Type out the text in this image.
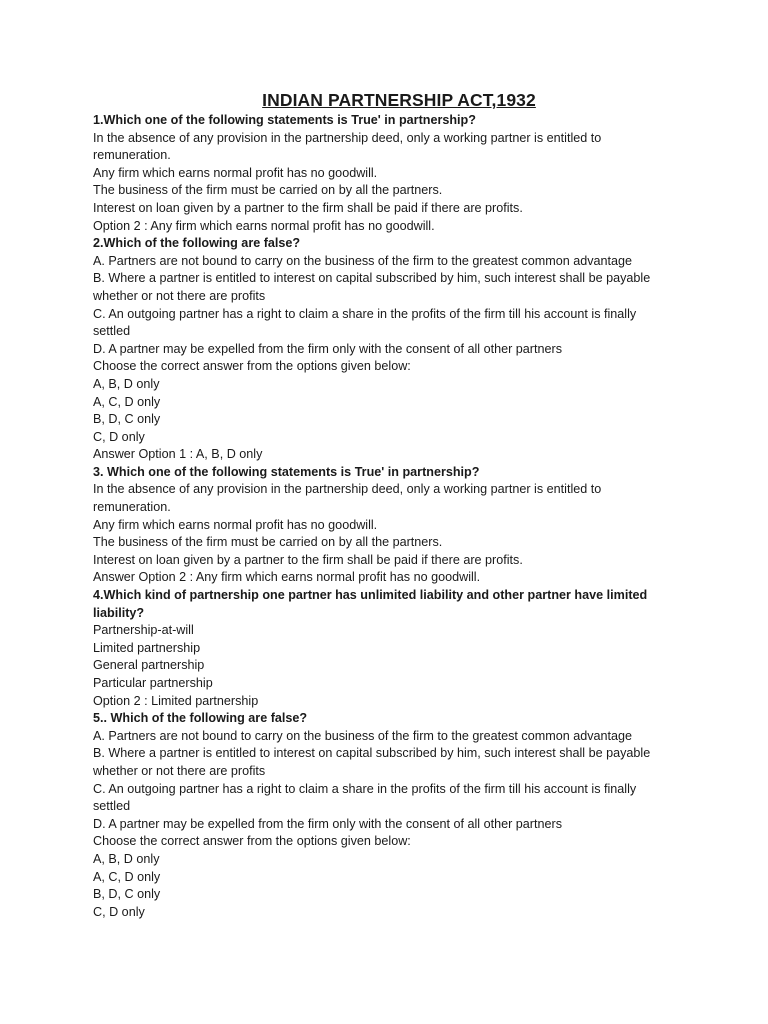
INDIAN PARTNERSHIP ACT,1932
1.Which one of the following statements is True' in partnership?
In the absence of any provision in the partnership deed, only a working partner is entitled to
remuneration.
Any firm which earns normal profit has no goodwill.
The business of the firm must be carried on by all the partners.
Interest on loan given by a partner to the firm shall be paid if there are profits.
Option 2 : Any firm which earns normal profit has no goodwill.
2.Which of the following are false?
A. Partners are not bound to carry on the business of the firm to the greatest common advantage
B. Where a partner is entitled to interest on capital subscribed by him, such interest shall be payable
whether or not there are profits
C. An outgoing partner has a right to claim a share in the profits of the firm till his account is finally
settled
D. A partner may be expelled from the firm only with the consent of all other partners
Choose the correct answer from the options given below:
A, B, D only
A, C, D only
B, D, C only
C, D only
Answer Option 1 : A, B, D only
3. Which one of the following statements is True' in partnership?
In the absence of any provision in the partnership deed, only a working partner is entitled to
remuneration.
Any firm which earns normal profit has no goodwill.
The business of the firm must be carried on by all the partners.
Interest on loan given by a partner to the firm shall be paid if there are profits.
Answer Option 2 : Any firm which earns normal profit has no goodwill.
4.Which kind of partnership one partner has unlimited liability and other partner have limited
liability?
Partnership-at-will
Limited partnership
General partnership
Particular partnership
Option 2 : Limited partnership
5.. Which of the following are false?
A. Partners are not bound to carry on the business of the firm to the greatest common advantage
B. Where a partner is entitled to interest on capital subscribed by him, such interest shall be payable
whether or not there are profits
C. An outgoing partner has a right to claim a share in the profits of the firm till his account is finally
settled
D. A partner may be expelled from the firm only with the consent of all other partners
Choose the correct answer from the options given below:
A, B, D only
A, C, D only
B, D, C only
C, D only
